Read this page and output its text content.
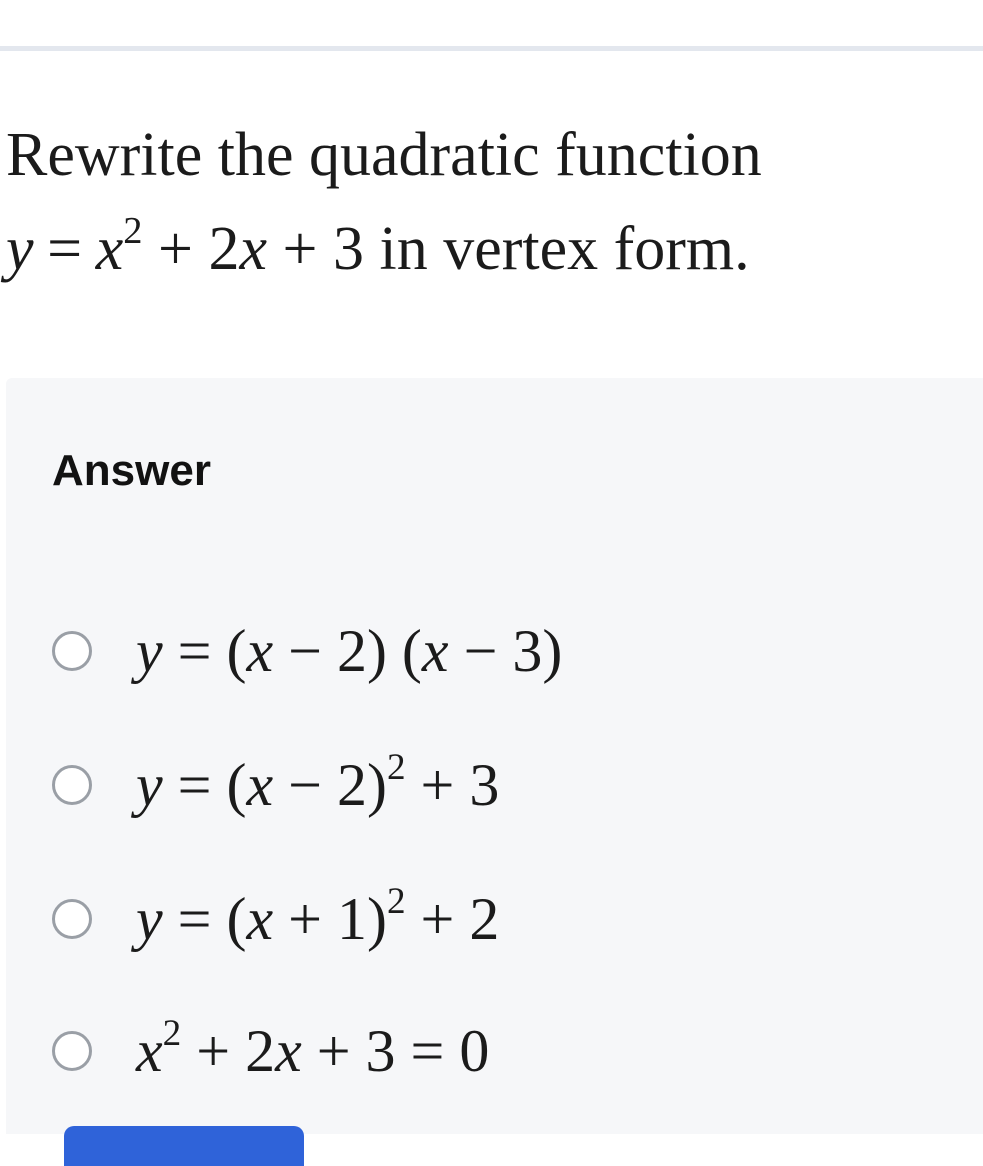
Rewrite the quadratic function
$y = x^2 + 2x + 3$ in vertex form.
Answer
y = (x − 2) (x − 3)
$y = (x - 2)^2 + 3$
$y = (x + 1)^2 + 2$
$x^2 + 2x + 3 = 0$
